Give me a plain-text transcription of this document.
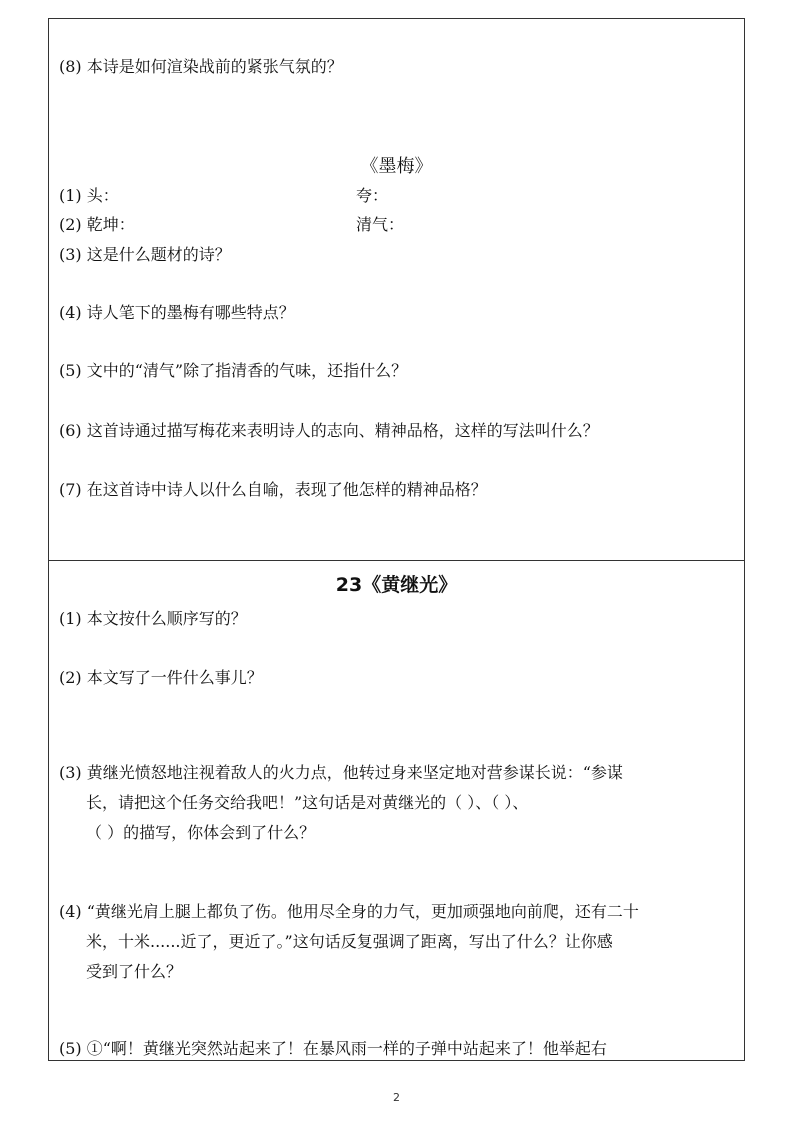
(8) 本诗是如何渲染战前的紧张气氛的？
《墨梅》
(1) 头：	夸：
(2) 乾坤：	清气：
(3) 这是什么题材的诗？
(4) 诗人笔下的墨梅有哪些特点？
(5) 文中的“清气”除了指清香的气味，还指什么？
(6) 这首诗通过描写梅花来表明诗人的志向、精神品格，这样的写法叫什么？
(7) 在这首诗中诗人以什么自喻，表现了他怎样的精神品格？
23《黄继光》
(1) 本文按什么顺序写的？
(2) 本文写了一件什么事儿？
(3) 黄继光愤怒地注视着敌人的火力点，他转过身来坚定地对营参谋长说：“参谋
长，请把这个任务交给我吧！”这句话是对黄继光的（ ）、（ ）、
（ ）的描写，你体会到了什么？
(4) “黄继光肩上腿上都负了伤。他用尽全身的力气，更加顽强地向前爬，还有二十
米，十米......近了，更近了。”这句话反复强调了距离，写出了什么？让你感
受到了什么？
(5) ①“啊！黄继光突然站起来了！在暴风雨一样的子弹中站起来了！他举起右
2
